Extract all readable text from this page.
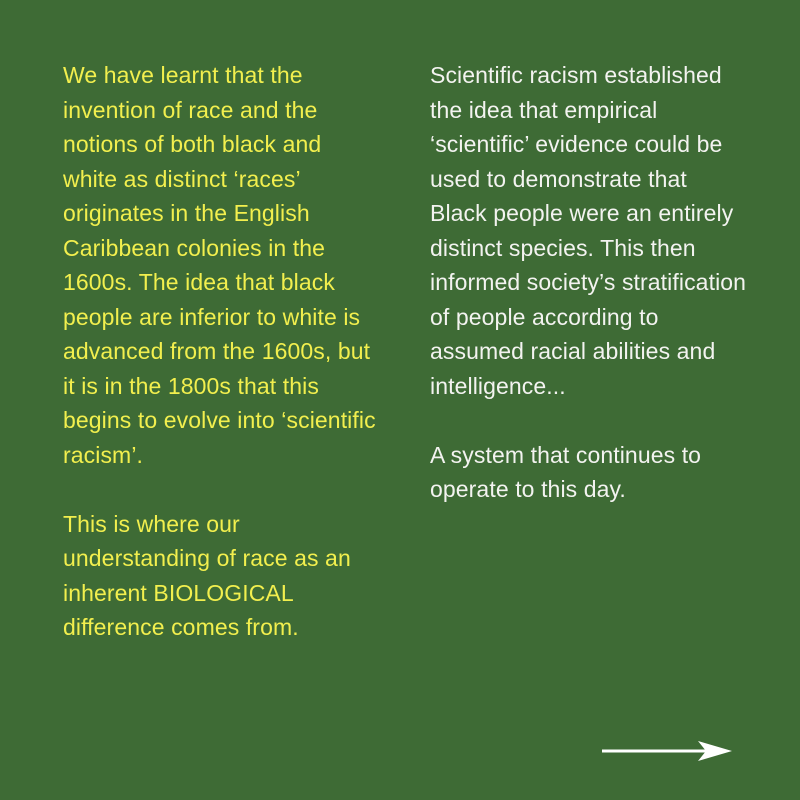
We have learnt that the invention of race and the notions of both black and white as distinct ‘races’ originates in the English Caribbean colonies in the 1600s. The idea that black people are inferior to white is advanced from the 1600s, but it is in the 1800s that this begins to evolve into ‘scientific racism’.

This is where our understanding of race as an inherent BIOLOGICAL difference comes from.

Scientific racism established the idea that empirical ‘scientific’ evidence could be used to demonstrate that Black people were an entirely distinct species. This then informed society’s stratification of people according to assumed racial abilities and intelligence...

A system that continues to operate to this day.
